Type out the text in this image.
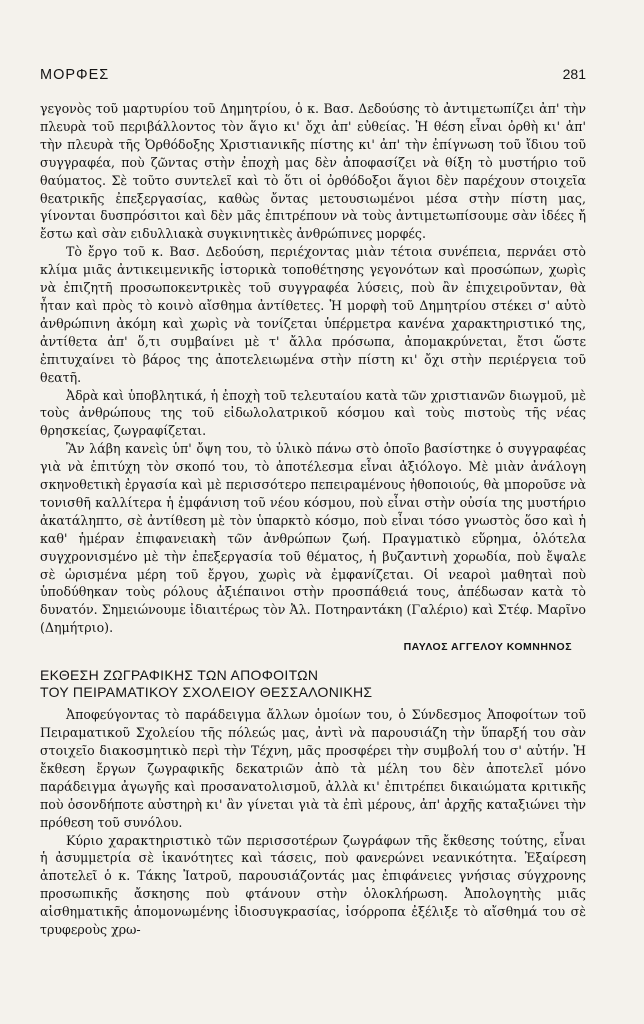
ΜΟΡΦΕΣ	281

γεγονὸς τοῦ μαρτυρίου τοῦ Δημητρίου, ὁ κ. Βασ. Δεδούσης τὸ ἀντιμετωπίζει ἀπ' τὴν πλευρὰ τοῦ περιβάλλοντος τὸν ἅγιο κι' ὄχι ἀπ' εὐθείας. Ἡ θέση εἶναι ὀρθὴ κι' ἀπ' τὴν πλευρὰ τῆς Ὀρθόδοξης Χριστιανικῆς πίστης κι' ἀπ' τὴν ἐπίγνωση τοῦ ἴδιου τοῦ συγγραφέα, ποὺ ζῶντας στὴν ἐποχὴ μας δὲν ἀποφασίζει νὰ θίξη τὸ μυστήριο τοῦ θαύματος. Σὲ τοῦτο συντελεῖ καὶ τὸ ὅτι οἱ ὀρθόδοξοι ἅγιοι δὲν παρέχουν στοιχεῖα θεατρικῆς ἐπεξεργασίας, καθὼς ὄντας μετουσιωμένοι μέσα στὴν πίστη μας, γίνονται δυσπρόσιτοι καὶ δὲν μᾶς ἐπιτρέπουν νὰ τοὺς ἀντιμετωπίσουμε σὰν ἰδέες ἤ ἔστω καὶ σὰν ειδυλλιακὰ συγκινητικὲς ἀνθρώπινες μορφές.

Τὸ ἔργο τοῦ κ. Βασ. Δεδούση, περιέχοντας μιὰν τέτοια συνέπεια, περνάει στὸ κλίμα μιᾶς ἀντικειμενικῆς ἱστορικὰ τοποθέτησης γεγονότων καὶ προσώπων, χωρὶς νὰ ἐπιζητῆ προσωποκεντρικὲς τοῦ συγγραφέα λύσεις, ποὺ ἂν ἐπιχειροῦνταν, θὰ ἦταν καὶ πρὸς τὸ κοινὸ αἴσθημα ἀντίθετες. Ἡ μορφὴ τοῦ Δημητρίου στέκει σ' αὐτὸ ἀνθρώπινη ἀκόμη καὶ χωρὶς νὰ τονίζεται ὑπέρμετρα κανένα χαρακτηριστικό της, ἀντίθετα ἀπ' ὅ,τι συμβαίνει μὲ τ' ἄλλα πρόσωπα, ἀπομακρύνεται, ἔτσι ὥστε ἐπιτυχαίνει τὸ βάρος της ἀποτελειωμένα στὴν πίστη κι' ὄχι στὴν περιέργεια τοῦ θεατῆ.

Ἀδρὰ καὶ ὑποβλητικά, ἡ ἐποχὴ τοῦ τελευταίου κατὰ τῶν χριστιανῶν διωγμοῦ, μὲ τοὺς ἀνθρώπους της τοῦ εἰδωλολατρικοῦ κόσμου καὶ τοὺς πιστοὺς τῆς νέας θρησκείας, ζωγραφίζεται.

Ἂν λάβη κανεὶς ὑπ' ὄψη του, τὸ ὑλικὸ πάνω στὸ ὁποῖο βασίστηκε ὁ συγγραφέας γιὰ νὰ ἐπιτύχη τὸν σκοπό του, τὸ ἀποτέλεσμα εἶναι ἀξιόλογο. Μὲ μιὰν ἀνάλογη σκηνοθετικὴ ἐργασία καὶ μὲ περισσότερο πεπειραμένους ἠθοποιούς, θὰ μποροῦσε νὰ τονισθῆ καλλίτερα ἡ ἐμφάνιση τοῦ νέου κόσμου, ποὺ εἶναι στὴν οὐσία της μυστήριο ἀκατάληπτο, σὲ ἀντίθεση μὲ τὸν ὑπαρκτὸ κόσμο, ποὺ εἶναι τόσο γνωστὸς ὅσο καὶ ἡ καθ' ἡμέραν ἐπιφανειακὴ τῶν ἀνθρώπων ζωή. Πραγματικὸ εὕρημα, ὁλότελα συγχρονισμένο μὲ τὴν ἐπεξεργασία τοῦ θέματος, ἡ βυζαντινὴ χορωδία, ποὺ ἔψαλε σὲ ὡρισμένα μέρη τοῦ ἔργου, χωρὶς νὰ ἐμφανίζεται. Οἱ νεαροὶ μαθηταὶ ποὺ ὑποδύθηκαν τοὺς ρόλους ἀξιέπαινοι στὴν προσπάθειά τους, ἀπέδωσαν κατὰ τὸ δυνατόν. Σημειώνουμε ἰδιαιτέρως τὸν Ἀλ. Ποτηραντάκη (Γαλέριο) καὶ Στέφ. Μαρῖνο (Δημήτριο).

ΠΑΥΛΟΣ ΑΓΓΕΛΟΥ ΚΟΜΝΗΝΟΣ
ΕΚΘΕΣΗ ΖΩΓΡΑΦΙΚΗΣ ΤΩΝ ΑΠΟΦΟΙΤΩΝ
ΤΟΥ ΠΕΙΡΑΜΑΤΙΚΟΥ ΣΧΟΛΕΙΟΥ ΘΕΣΣΑΛΟΝΙΚΗΣ

Ἀποφεύγοντας τὸ παράδειγμα ἄλλων ὁμοίων του, ὁ Σύνδεσμος Ἀποφοίτων τοῦ Πειραματικοῦ Σχολείου τῆς πόλεώς μας, ἀντὶ νὰ παρουσιάζη τὴν ὕπαρξή του σὰν στοιχεῖο διακοσμητικὸ περὶ τὴν Τέχνη, μᾶς προσφέρει τὴν συμβολή του σ' αὐτήν. Ἡ ἔκθεση ἔργων ζωγραφικῆς δεκατριῶν ἀπὸ τὰ μέλη του δὲν ἀποτελεῖ μόνο παράδειγμα ἀγωγῆς καὶ προσανατολισμοῦ, ἀλλὰ κι' ἐπιτρέπει δικαιώματα κριτικῆς ποὺ ὁσονδήποτε αὐστηρὴ κι' ἂν γίνεται γιὰ τὰ ἐπὶ μέρους, ἀπ' ἀρχῆς καταξιώνει τὴν πρόθεση τοῦ συνόλου.

Κύριο χαρακτηριστικὸ τῶν περισσοτέρων ζωγράφων τῆς ἔκθεσης τούτης, εἶναι ἡ ἀσυμμετρία σὲ ἱκανότητες καὶ τάσεις, ποὺ φανερώνει νεανικότητα. Ἐξαίρεση ἀποτελεῖ ὁ κ. Τάκης Ἰατροῦ, παρουσιάζοντάς μας ἐπιφάνειες γνήσιας σύγχρονης προσωπικῆς ἄσκησης ποὺ φτάνουν στὴν ὁλοκλήρωση. Ἀπολογητὴς μιᾶς αἰσθηματικῆς ἀπομονωμένης ἰδιοσυγκρασίας, ἰσόρροπα ἐξέλιξε τὸ αἴσθημά του σὲ τρυφεροὺς χρω-
